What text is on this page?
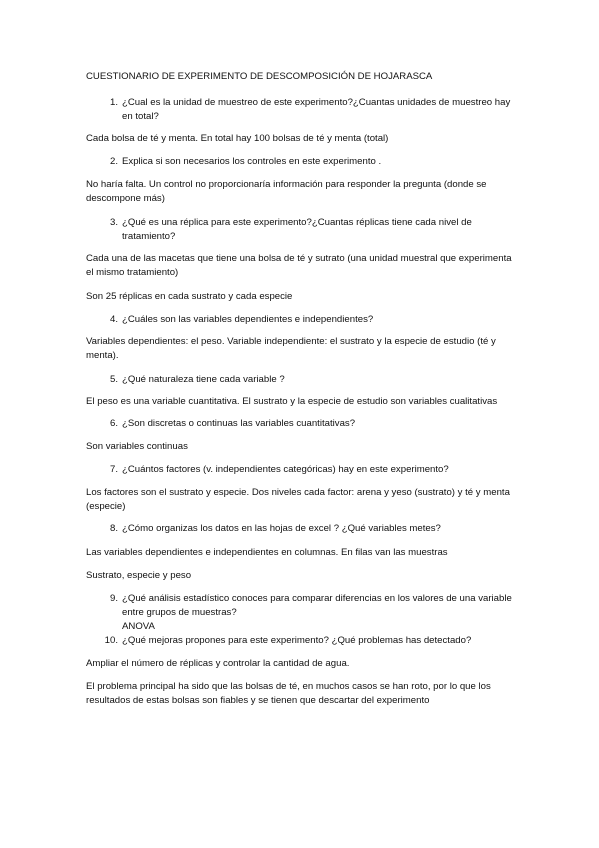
CUESTIONARIO DE EXPERIMENTO DE DESCOMPOSICIÓN DE HOJARASCA
1. ¿Cual es la unidad de muestreo de este experimento?¿Cuantas unidades de muestreo hay en total?
Cada bolsa de té y menta. En total hay 100 bolsas de té y menta (total)
2. Explica si son necesarios los controles en este experimento .
No haría falta. Un control no proporcionaría información para responder la pregunta (donde se descompone más)
3. ¿Qué es una réplica para este experimento?¿Cuantas réplicas tiene cada nivel de tratamiento?
Cada una de las macetas que tiene una bolsa de té y sutrato (una unidad muestral que experimenta el mismo tratamiento)
Son 25 réplicas en cada sustrato y cada especie
4. ¿Cuáles son las variables dependientes e independientes?
Variables dependientes: el peso. Variable independiente: el sustrato y la especie de estudio (té y menta).
5. ¿Qué naturaleza tiene cada variable ?
El peso es una variable cuantitativa. El sustrato y la especie de estudio son variables cualitativas
6. ¿Son discretas o continuas las variables cuantitativas?
Son variables continuas
7. ¿Cuántos factores (v. independientes categóricas) hay en este experimento?
Los factores son el sustrato y especie. Dos niveles cada factor: arena y yeso (sustrato) y té y menta (especie)
8. ¿Cómo organizas los datos en las hojas de excel ? ¿Qué variables metes?
Las variables dependientes e independientes en columnas. En filas van las muestras
Sustrato, especie y peso
9. ¿Qué análisis estadístico conoces para comparar diferencias en los valores de una variable entre grupos de muestras?
ANOVA
10. ¿Qué mejoras propones para este experimento? ¿Qué problemas has detectado?
Ampliar el número de réplicas y controlar la cantidad de agua.
El problema principal ha sido que las bolsas de té, en muchos casos se han roto, por lo que los resultados de estas bolsas son fiables y se tienen que descartar del experimento
